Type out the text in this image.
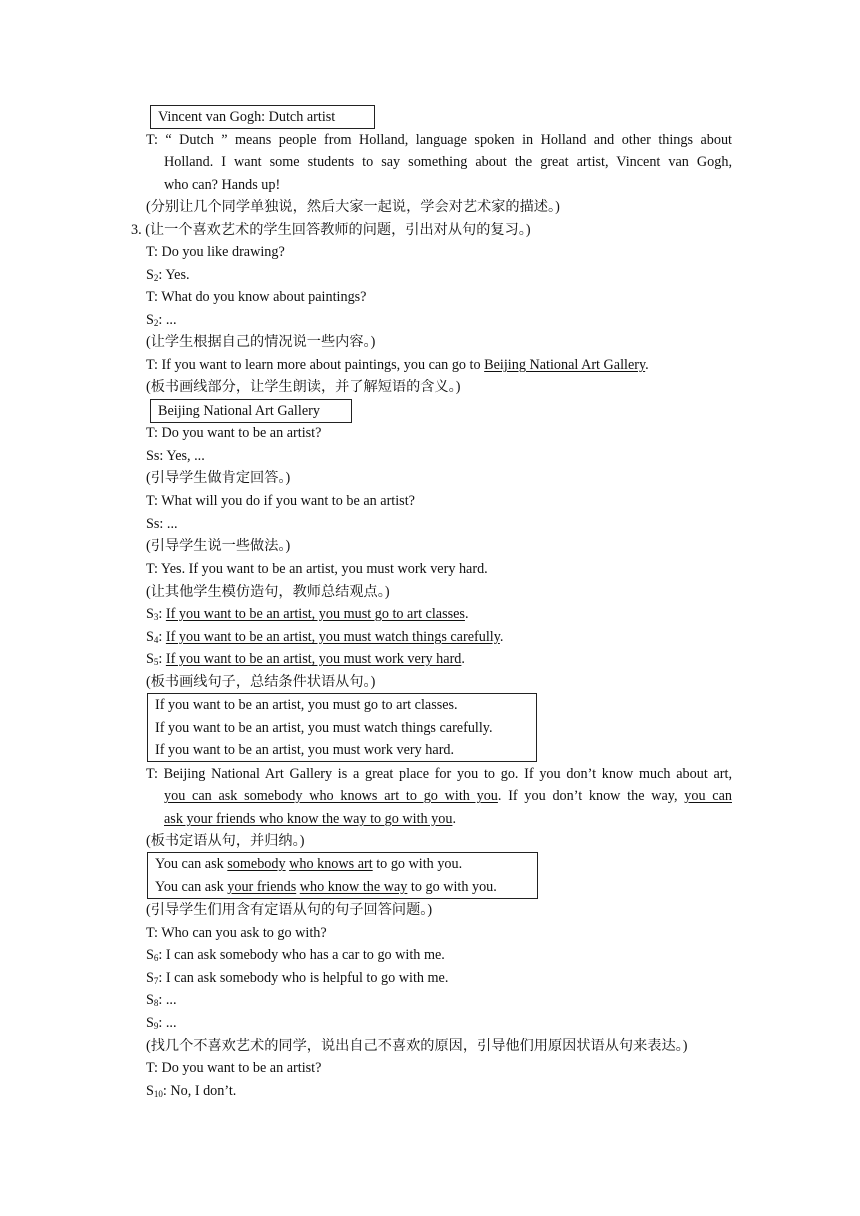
Vincent van Gogh: Dutch artist
T: “ Dutch ” means people from Holland, language spoken in Holland and other things about
Holland. I want some students to say something about the great artist, Vincent van Gogh,
who can? Hands up!
(分别让几个同学单独说，然后大家一起说，学会对艺术家的描述。)
3. (让一个喜欢艺术的学生回答教师的问题，引出对从句的复习。)
T: Do you like drawing?
$S_2$: Yes.
T: What do you know about paintings?
$S_2$: ...
(让学生根据自己的情况说一些内容。)
T: If you want to learn more about paintings, you can go to Beijing National Art Gallery.
(板书画线部分，让学生朗读，并了解短语的含义。)
Beijing National Art Gallery
T: Do you want to be an artist?
Ss: Yes, ...
(引导学生做肯定回答。)
T: What will you do if you want to be an artist?
Ss: ...
(引导学生说一些做法。)
T: Yes. If you want to be an artist, you must work very hard.
(让其他学生模仿造句，教师总结观点。)
$S_3$: If you want to be an artist, you must go to art classes.
$S_4$: If you want to be an artist, you must watch things carefully.
$S_5$: If you want to be an artist, you must work very hard.
(板书画线句子，总结条件状语从句。)
If you want to be an artist, you must go to art classes.
If you want to be an artist, you must watch things carefully.
If you want to be an artist, you must work very hard.
T: Beijing National Art Gallery is a great place for you to go. If you don’t know much about art,
you can ask somebody who knows art to go with you. If you don’t know the way, you can
ask your friends who know the way to go with you.
(板书定语从句，并归纳。)
You can ask somebody who knows art to go with you.
You can ask your friends who know the way to go with you.
(引导学生们用含有定语从句的句子回答问题。)
T: Who can you ask to go with?
$S_6$: I can ask somebody who has a car to go with me.
$S_7$: I can ask somebody who is helpful to go with me.
$S_8$: ...
$S_9$: ...
(找几个不喜欢艺术的同学，说出自己不喜欢的原因，引导他们用原因状语从句来表达。)
T: Do you want to be an artist?
$S_{10}$: No, I don’t.
